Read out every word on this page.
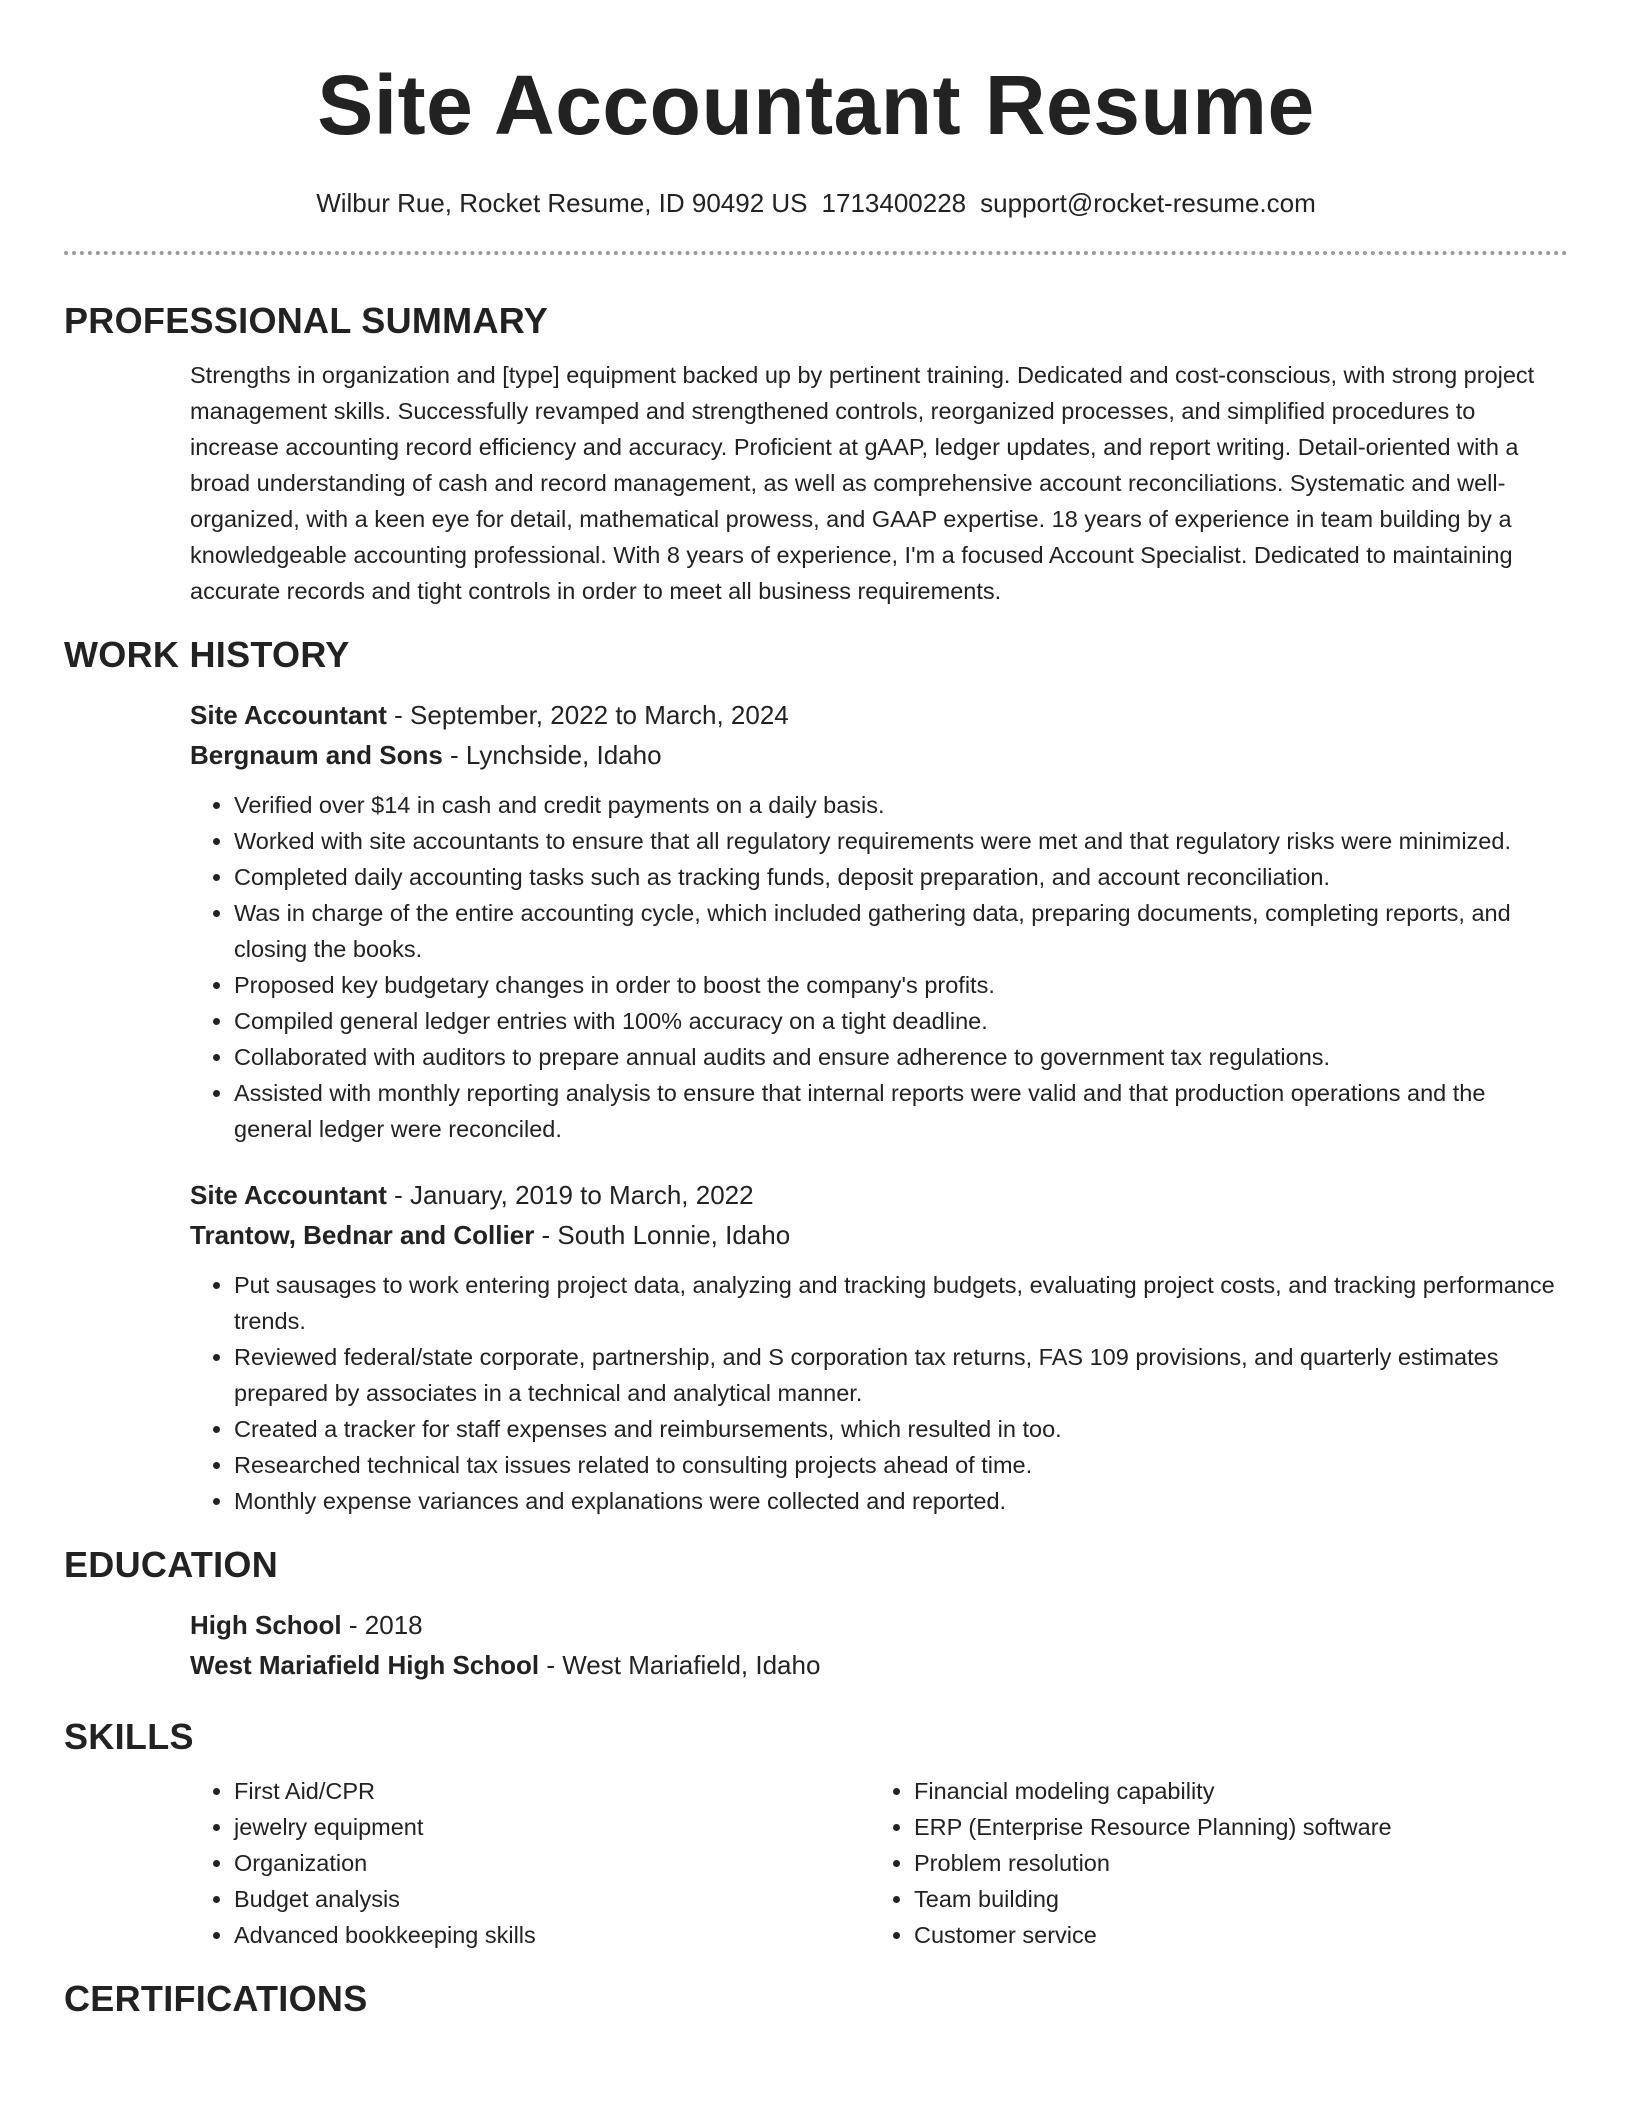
Site Accountant Resume
Wilbur Rue, Rocket Resume, ID 90492 US 1713400228 support@rocket-resume.com
PROFESSIONAL SUMMARY

Strengths in organization and [type] equipment backed up by pertinent training. Dedicated and cost-conscious, with strong project management skills. Successfully revamped and strengthened controls, reorganized processes, and simplified procedures to increase accounting record efficiency and accuracy. Proficient at gAAP, ledger updates, and report writing. Detail-oriented with a broad understanding of cash and record management, as well as comprehensive account reconciliations. Systematic and well-organized, with a keen eye for detail, mathematical prowess, and GAAP expertise. 18 years of experience in team building by a knowledgeable accounting professional. With 8 years of experience, I'm a focused Account Specialist. Dedicated to maintaining accurate records and tight controls in order to meet all business requirements.

WORK HISTORY

Site Accountant - September, 2022 to March, 2024

Bergnaum and Sons - Lynchside, Idaho

• Verified over $14 in cash and credit payments on a daily basis.
• Worked with site accountants to ensure that all regulatory requirements were met and that regulatory risks were minimized.
• Completed daily accounting tasks such as tracking funds, deposit preparation, and account reconciliation.
• Was in charge of the entire accounting cycle, which included gathering data, preparing documents, completing reports, and closing the books.
• Proposed key budgetary changes in order to boost the company's profits.
• Compiled general ledger entries with 100% accuracy on a tight deadline.
• Collaborated with auditors to prepare annual audits and ensure adherence to government tax regulations.
• Assisted with monthly reporting analysis to ensure that internal reports were valid and that production operations and the general ledger were reconciled.

Site Accountant - January, 2019 to March, 2022

Trantow, Bednar and Collier - South Lonnie, Idaho

• Put sausages to work entering project data, analyzing and tracking budgets, evaluating project costs, and tracking performance trends.
• Reviewed federal/state corporate, partnership, and S corporation tax returns, FAS 109 provisions, and quarterly estimates prepared by associates in a technical and analytical manner.
• Created a tracker for staff expenses and reimbursements, which resulted in too.
• Researched technical tax issues related to consulting projects ahead of time.
• Monthly expense variances and explanations were collected and reported.
EDUCATION

High School - 2018

West Mariafield High School - West Mariafield, Idaho

SKILLS
• First Aid/CPR
• jewelry equipment
• Organization
• Budget analysis
• Advanced bookkeeping skills
• Financial modeling capability
• ERP (Enterprise Resource Planning) software
• Problem resolution
• Team building
• Customer service
CERTIFICATIONS
